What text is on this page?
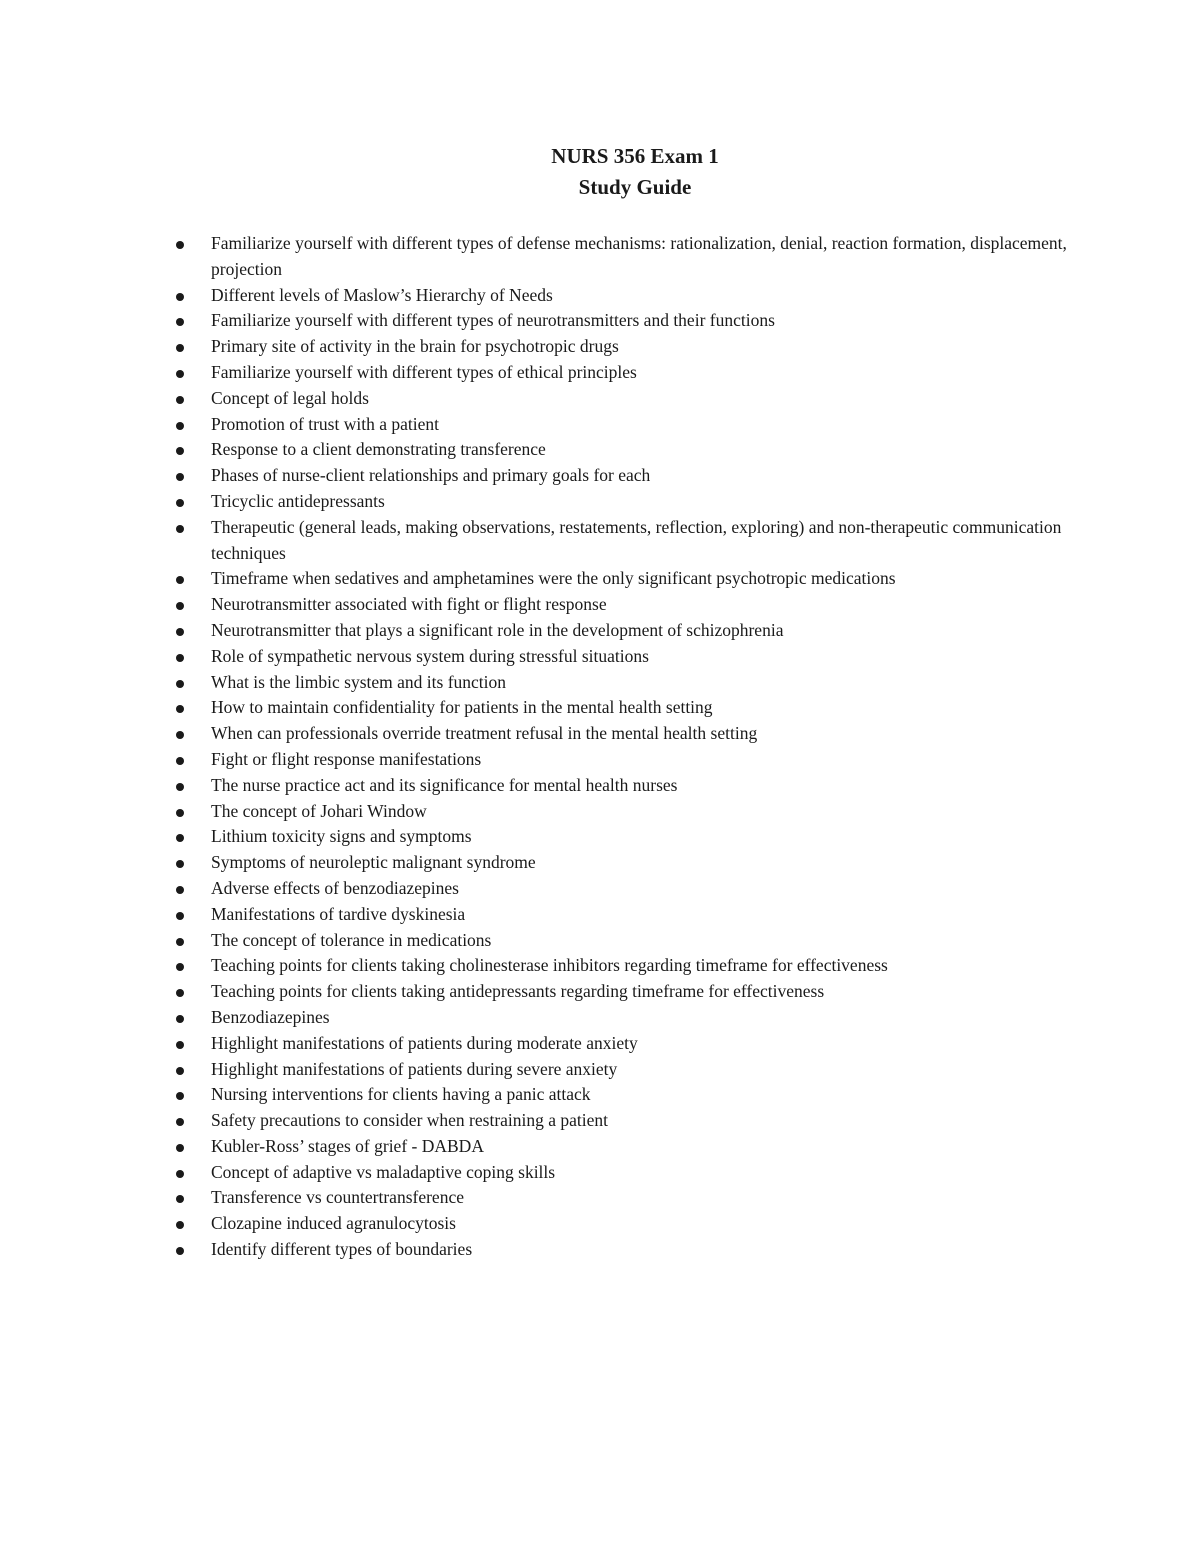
NURS 356 Exam 1

Study Guide

Familiarize yourself with different types of defense mechanisms: rationalization, denial, reaction formation, displacement, projection
Different levels of Maslow’s Hierarchy of Needs
Familiarize yourself with different types of neurotransmitters and their functions
Primary site of activity in the brain for psychotropic drugs
Familiarize yourself with different types of ethical principles
Concept of legal holds
Promotion of trust with a patient
Response to a client demonstrating transference
Phases of nurse-client relationships and primary goals for each
Tricyclic antidepressants
Therapeutic (general leads, making observations, restatements, reflection, exploring) and non-therapeutic communication techniques
Timeframe when sedatives and amphetamines were the only significant psychotropic medications
Neurotransmitter associated with fight or flight response
Neurotransmitter that plays a significant role in the development of schizophrenia
Role of sympathetic nervous system during stressful situations
What is the limbic system and its function
How to maintain confidentiality for patients in the mental health setting
When can professionals override treatment refusal in the mental health setting
Fight or flight response manifestations
The nurse practice act and its significance for mental health nurses
The concept of Johari Window
Lithium toxicity signs and symptoms
Symptoms of neuroleptic malignant syndrome
Adverse effects of benzodiazepines
Manifestations of tardive dyskinesia
The concept of tolerance in medications
Teaching points for clients taking cholinesterase inhibitors regarding timeframe for effectiveness
Teaching points for clients taking antidepressants regarding timeframe for effectiveness
Benzodiazepines
Highlight manifestations of patients during moderate anxiety
Highlight manifestations of patients during severe anxiety
Nursing interventions for clients having a panic attack
Safety precautions to consider when restraining a patient
Kubler-Ross’ stages of grief - DABDA
Concept of adaptive vs maladaptive coping skills
Transference vs countertransference
Clozapine induced agranulocytosis
Identify different types of boundaries
